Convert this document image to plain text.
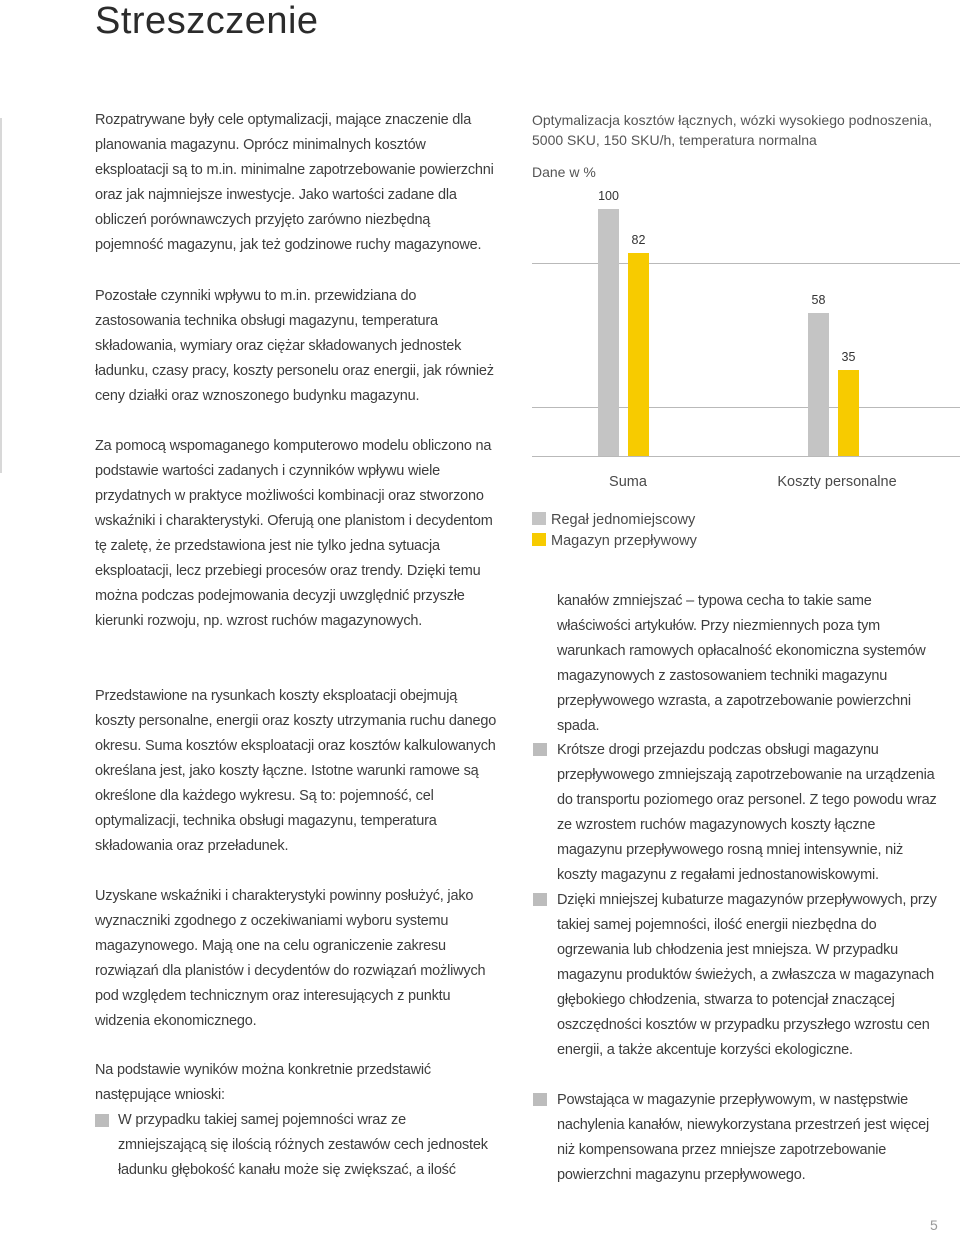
Streszczenie

Rozpatrywane były cele optymalizacji, mające znaczenie dla planowania magazynu. Oprócz minimalnych kosztów eksploatacji są to m.in. minimalne zapotrzebowanie powierzchni oraz jak najmniejsze inwestycje. Jako wartości zadane dla obliczeń porównawczych przyjęto zarówno niezbędną pojemność magazynu, jak też godzinowe ruchy magazynowe.

Pozostałe czynniki wpływu to m.in. przewidziana do zastosowania technika obsługi magazynu, temperatura składowania, wymiary oraz ciężar składowanych jednostek ładunku, czasy pracy, koszty personelu oraz energii, jak również ceny działki oraz wznoszonego budynku magazynu.

Za pomocą wspomaganego komputerowo modelu obliczono na podstawie wartości zadanych i czynników wpływu wiele przydatnych w praktyce możliwości kombinacji oraz stworzono wskaźniki i charakterystyki. Oferują one planistom i decydentom tę zaletę, że przedstawiona jest nie tylko jedna sytuacja eksploatacji, lecz przebiegi procesów oraz trendy. Dzięki temu można podczas podejmowania decyzji uwzględnić przyszłe kierunki rozwoju, np. wzrost ruchów magazynowych.

Przedstawione na rysunkach koszty eksploatacji obejmują koszty personalne, energii oraz koszty utrzymania ruchu danego okresu. Suma kosztów eksploatacji oraz kosztów kalkulowanych określana jest, jako koszty łączne. Istotne warunki ramowe są określone dla każdego wykresu. Są to: pojemność, cel optymalizacji, technika obsługi magazynu, temperatura składowania oraz przeładunek.

Uzyskane wskaźniki i charakterystyki powinny posłużyć, jako wyznaczniki zgodnego z oczekiwaniami wyboru systemu magazynowego. Mają one na celu ograniczenie zakresu rozwiązań dla planistów i decydentów do rozwiązań możliwych pod względem technicznym oraz interesujących z punktu widzenia ekonomicznego.

Na podstawie wyników można konkretnie przedstawić następujące wnioski:

W przypadku takiej samej pojemności wraz ze zmniejszającą się ilością różnych zestawów cech jednostek ładunku głębokość kanału może się zwiększać, a ilość

Optymalizacja kosztów łącznych, wózki wysokiego podnoszenia, 5000 SKU, 150 SKU/h, temperatura normalna

Dane w %
100
82
58
35
Suma	Koszty personalne
Regał jednomiejscowy
Magazyn przepływowy

kanałów zmniejszać – typowa cecha to takie same właściwości artykułów. Przy niezmiennych poza tym warunkach ramowych opłacalność ekonomiczna systemów magazynowych z zastosowaniem techniki magazynu przepływowego wzrasta, a zapotrzebowanie powierzchni spada.

Krótsze drogi przejazdu podczas obsługi magazynu przepływowego zmniejszają zapotrzebowanie na urządzenia do transportu poziomego oraz personel. Z tego powodu wraz ze wzrostem ruchów magazynowych koszty łączne magazynu przepływowego rosną mniej intensywnie, niż koszty magazynu z regałami jednostanowiskowymi.

Dzięki mniejszej kubaturze magazynów przepływowych, przy takiej samej pojemności, ilość energii niezbędna do ogrzewania lub chłodzenia jest mniejsza. W przypadku magazynu produktów świeżych, a zwłaszcza w magazynach głębokiego chłodzenia, stwarza to potencjał znaczącej oszczędności kosztów w przypadku przyszłego wzrostu cen energii, a także akcentuje korzyści ekologiczne.

Powstająca w magazynie przepływowym, w następstwie nachylenia kanałów, niewykorzystana przestrzeń jest więcej niż kompensowana przez mniejsze zapotrzebowanie powierzchni magazynu przepływowego.

5
